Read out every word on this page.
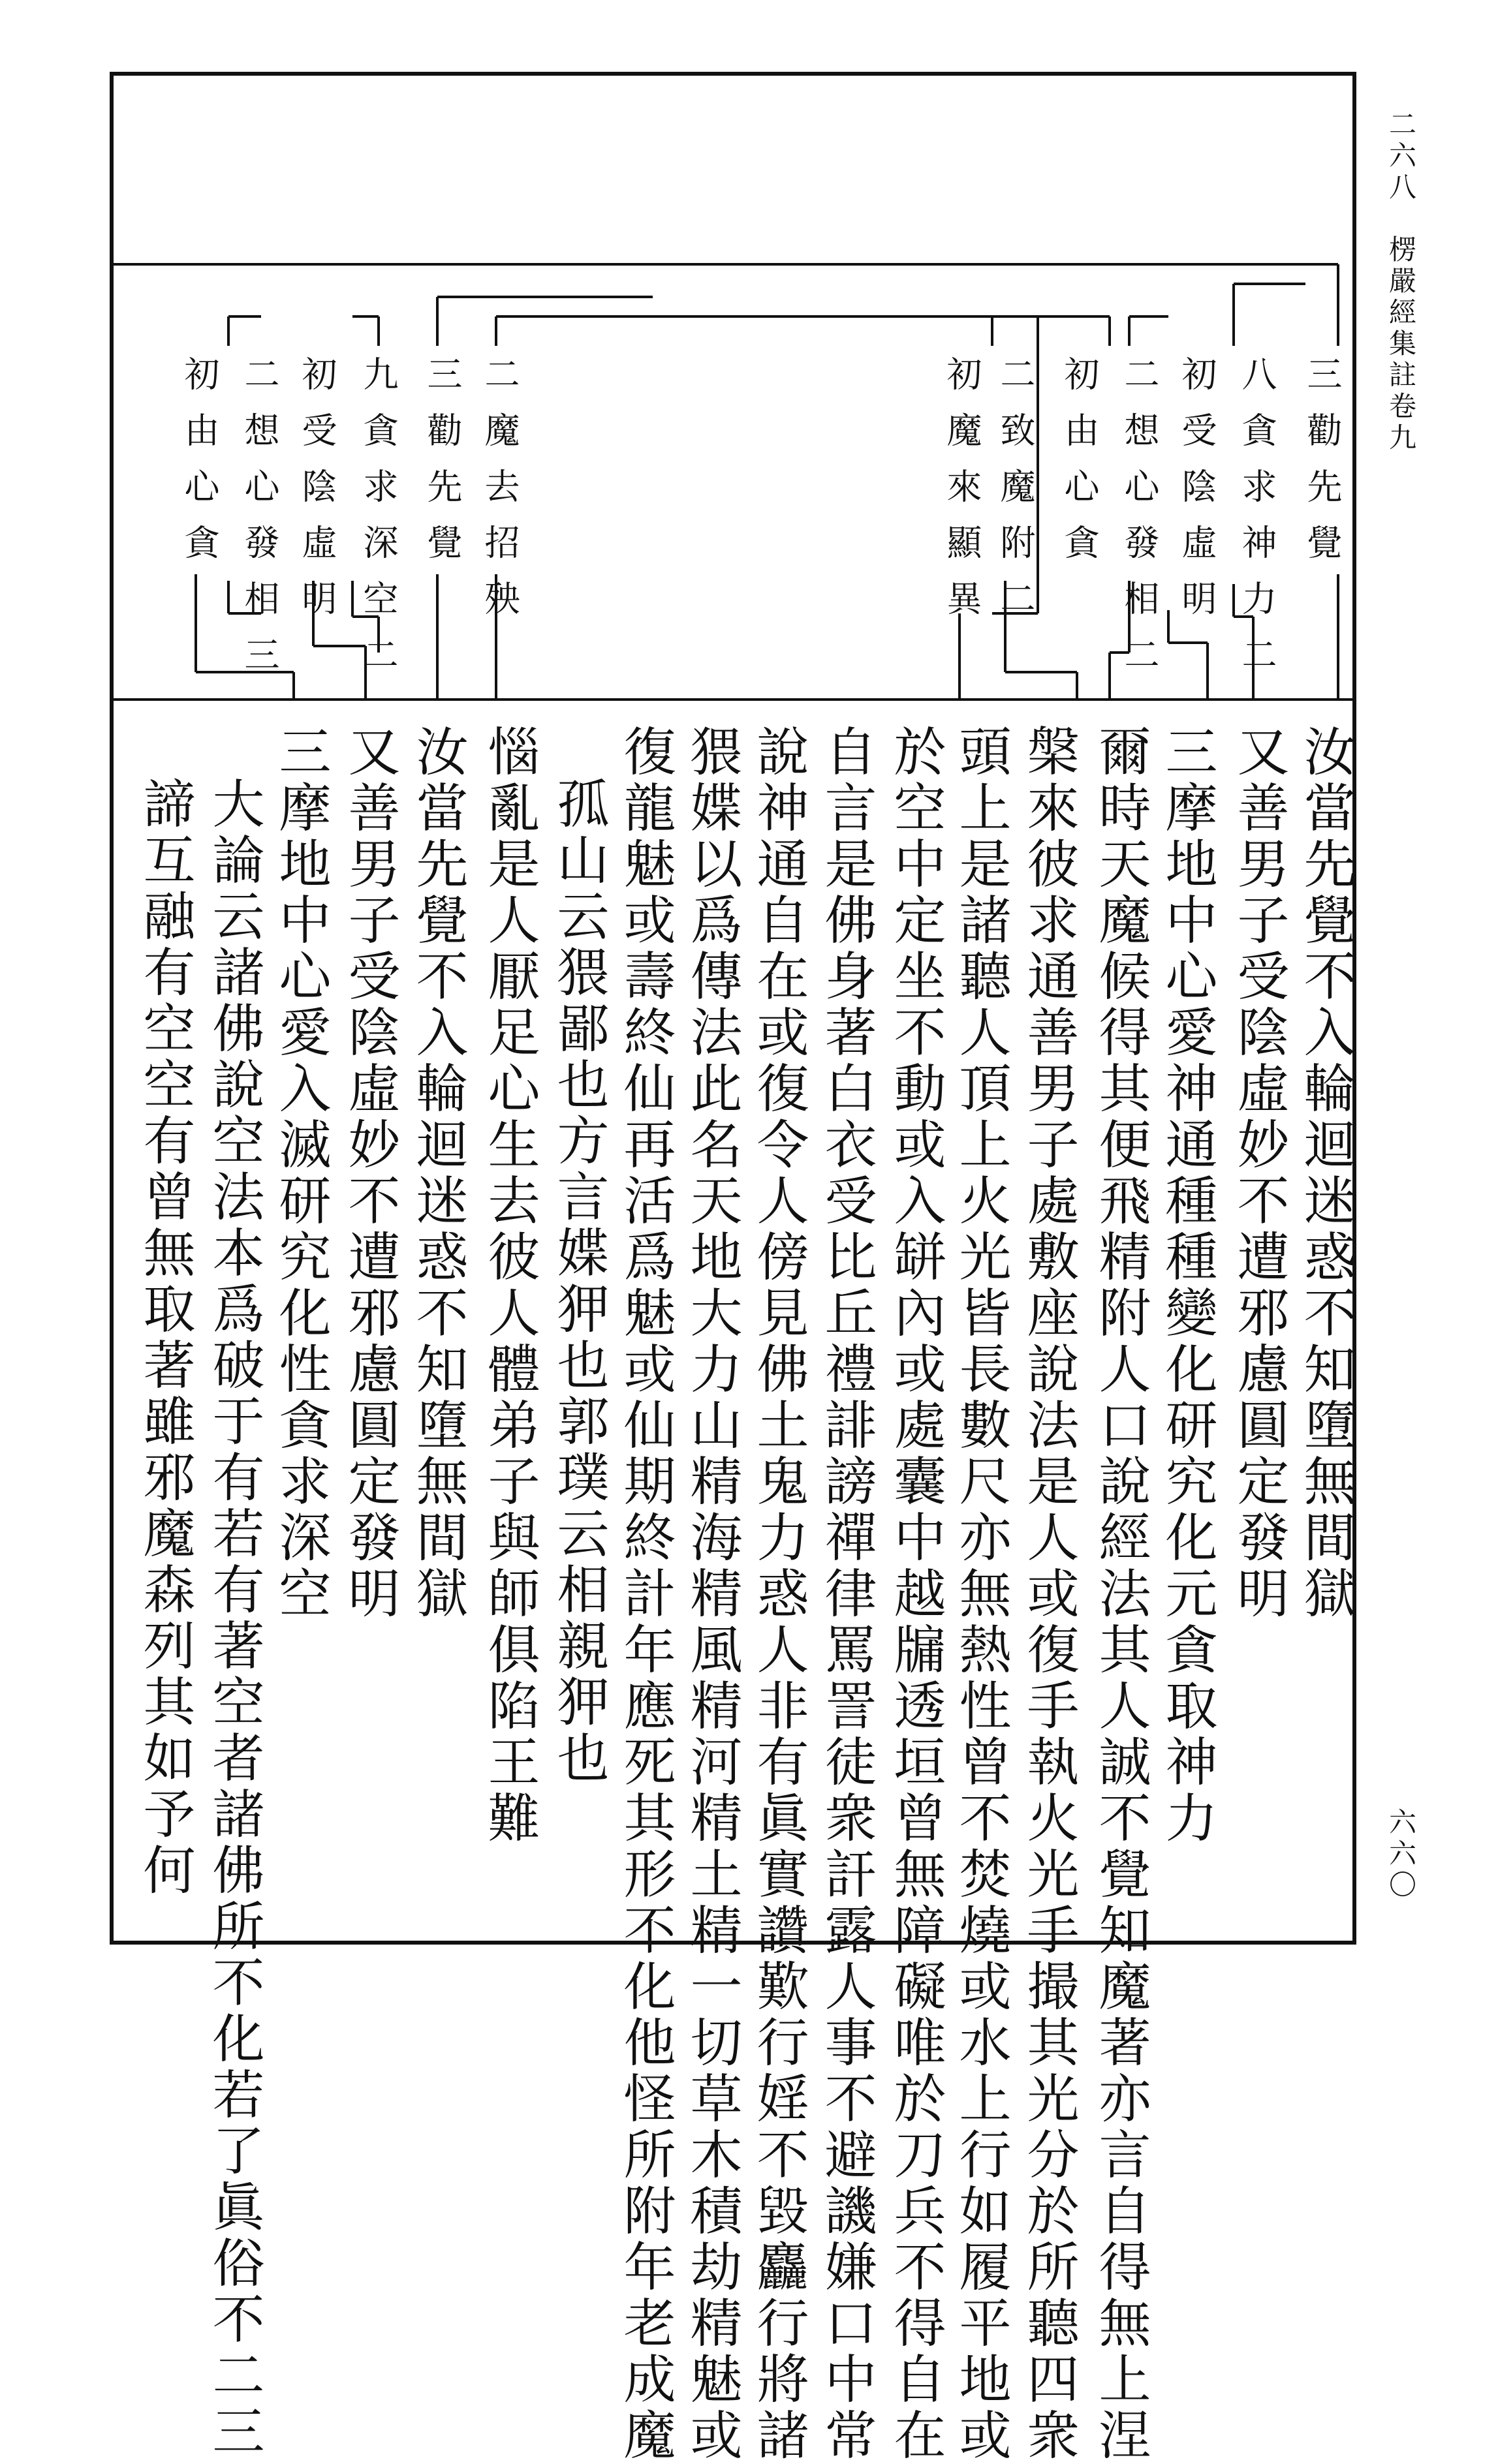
二六八
楞嚴經集註卷九
六六〇
三勸先覺
八貪求神力二
初受陰虛明
二想心發相二
初由心貪
二致魔附二
初魔來顯異
二魔去招殃
三勸先覺
九貪求深空二
初受陰虛明
二想心發相三
初由心貪
汝當先覺不入輪迴迷惑不知墮無間獄
又善男子受陰虛妙不遭邪慮圓定發明
三摩地中心愛神通種種變化研究化元貪取神力
爾時天魔候得其便飛精附人口說經法其人誠不覺知魔著亦言自得無上涅
槃來彼求通善男子處敷座說法是人或復手執火光手撮其光分於所聽四衆
頭上是諸聽人頂上火光皆長數尺亦無熱性曾不焚燒或水上行如履平地或
於空中定坐不動或入缾內或處囊中越牖透垣曾無障礙唯於刀兵不得自在
自言是佛身著白衣受比丘禮誹謗禪律罵詈徒衆訐露人事不避譏嫌口中常
說神通自在或復令人傍見佛土鬼力惑人非有眞實讚歎行婬不毀麤行將諸
猥媟以爲傳法此名天地大力山精海精風精河精土精一切草木積劫精魅或
復龍魅或壽終仙再活爲魅或仙期終計年應死其形不化他怪所附年老成魔
孤山云猥鄙也方言媟狎也郭璞云相親狎也
惱亂是人厭足心生去彼人體弟子與師俱陷王難
汝當先覺不入輪迴迷惑不知墮無間獄
又善男子受陰虛妙不遭邪慮圓定發明
三摩地中心愛入滅研究化性貪求深空
大論云諸佛說空法本爲破于有若有著空者諸佛所不化若了眞俗不二三
諦互融有空空有曾無取著雖邪魔森列其如予何
